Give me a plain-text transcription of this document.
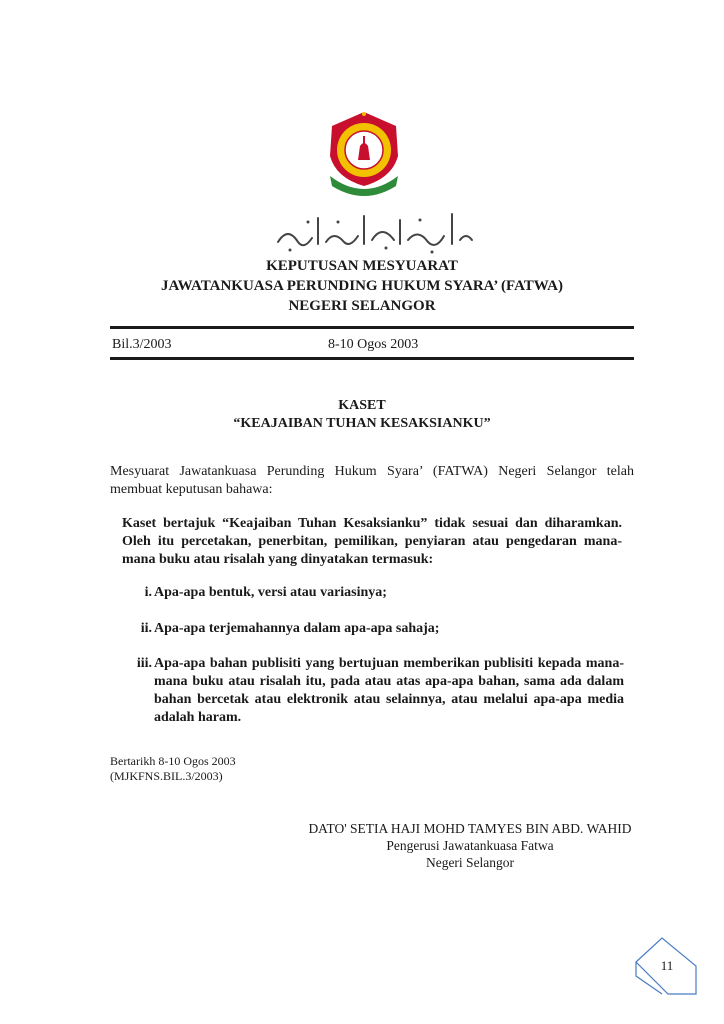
KEPUTUSAN MESYUARAT
JAWATANKUASA PERUNDING HUKUM SYARA’ (FATWA)
NEGERI SELANGOR
Bil.3/2003	8-10 Ogos 2003
KASET
“KEAJAIBAN TUHAN KESAKSIANKU”
Mesyuarat Jawatankuasa Perunding Hukum Syara’ (FATWA) Negeri Selangor telah membuat keputusan bahawa:
Kaset bertajuk “Keajaiban Tuhan Kesaksianku” tidak sesuai dan diharamkan. Oleh itu percetakan, penerbitan, pemilikan, penyiaran atau pengedaran mana-mana buku atau risalah yang dinyatakan termasuk:
i. Apa-apa bentuk, versi atau variasinya;
ii. Apa-apa terjemahannya dalam apa-apa sahaja;
iii. Apa-apa bahan publisiti yang bertujuan memberikan publisiti kepada mana-mana buku atau risalah itu, pada atau atas apa-apa bahan, sama ada dalam bahan bercetak atau elektronik atau selainnya, atau melalui apa-apa media adalah haram.
Bertarikh 8-10 Ogos 2003
(MJKFNS.BIL.3/2003)
DATO' SETIA HAJI MOHD TAMYES BIN ABD. WAHID
Pengerusi Jawatankuasa Fatwa
Negeri Selangor
11
